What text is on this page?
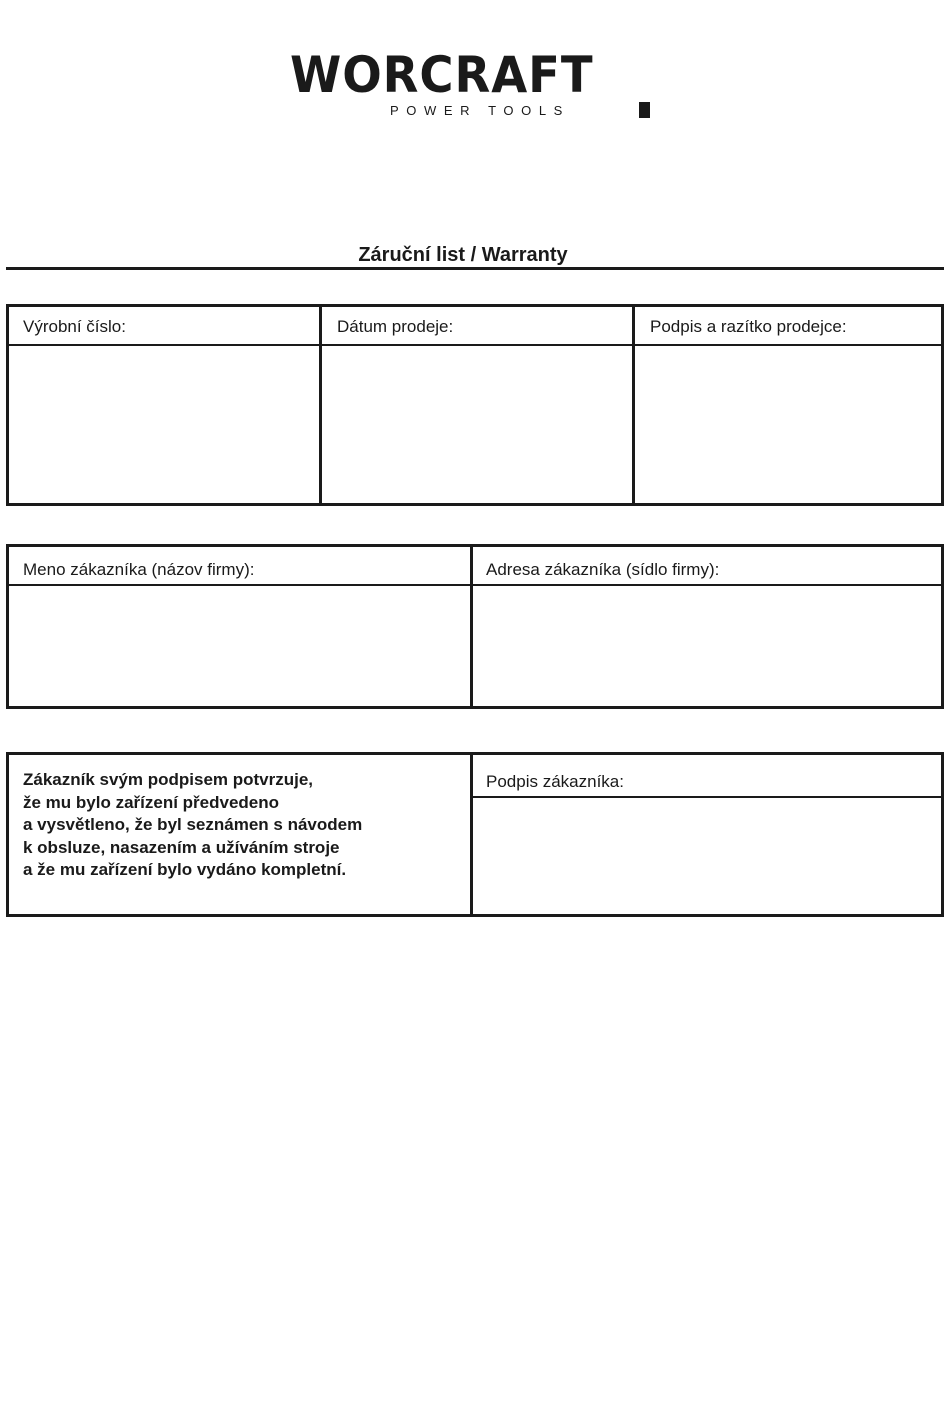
WORCRAFT
POWER TOOLS
Záruční list / Warranty
Výrobní číslo:	Dátum prodeje:	Podpis a razítko prodejce:
Meno zákazníka (názov firmy):	Adresa zákazníka (sídlo firmy):
Zákazník svým podpisem potvrzuje,
že mu bylo zařízení předvedeno
a vysvětleno, že byl seznámen s návodem
k obsluze, nasazením a užíváním stroje
a že mu zařízení bylo vydáno kompletní.
Podpis zákazníka:
